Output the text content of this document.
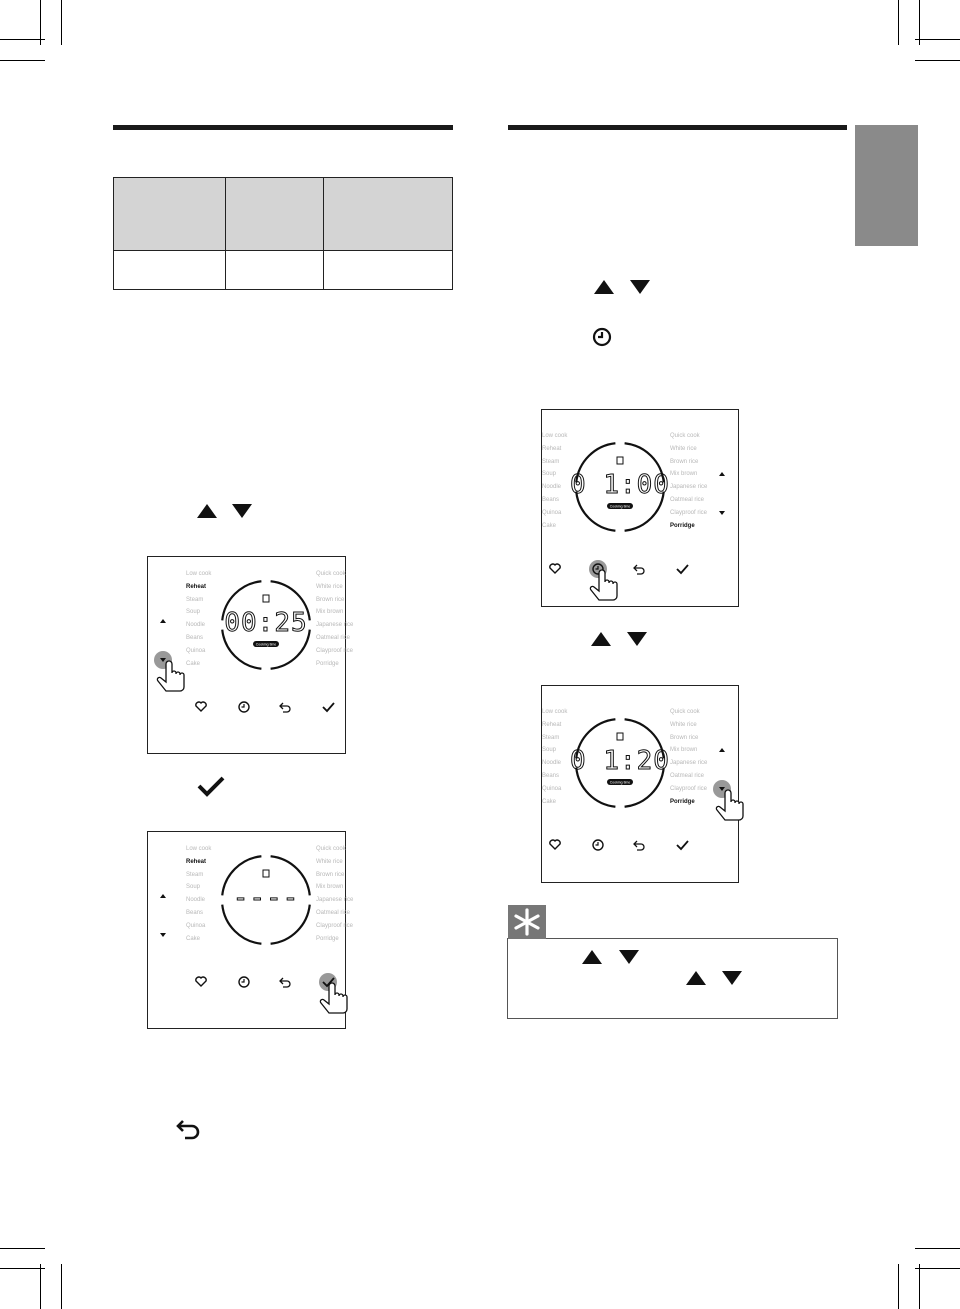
Low cook
Reheat
Steam
Soup
Noodle
Beans
Quinoa
Cake
Quick cook
White rice
Brown rice
Mix brown
Japanese rice
Oatmeal rice
Clayproof rice
Porridge
00:25
Cooking time
Low cook
Reheat
Steam
Soup
Noodle
Beans
Quinoa
Cake
Quick cook
White rice
Brown rice
Mix brown
Japanese rice
Oatmeal rice
Clayproof rice
Porridge
----
Low cook
Reheat
Steam
Soup
Noodle
Beans
Quinoa
Cake
Quick cook
White rice
Brown rice
Mix brown
Japanese rice
Oatmeal rice
Clayproof rice
Porridge
0 1:00
Cooking time
Low cook
Reheat
Steam
Soup
Noodle
Beans
Quinoa
Cake
Quick cook
White rice
Brown rice
Mix brown
Japanese rice
Oatmeal rice
Clayproof rice
Porridge
0 1:20
Cooking time
